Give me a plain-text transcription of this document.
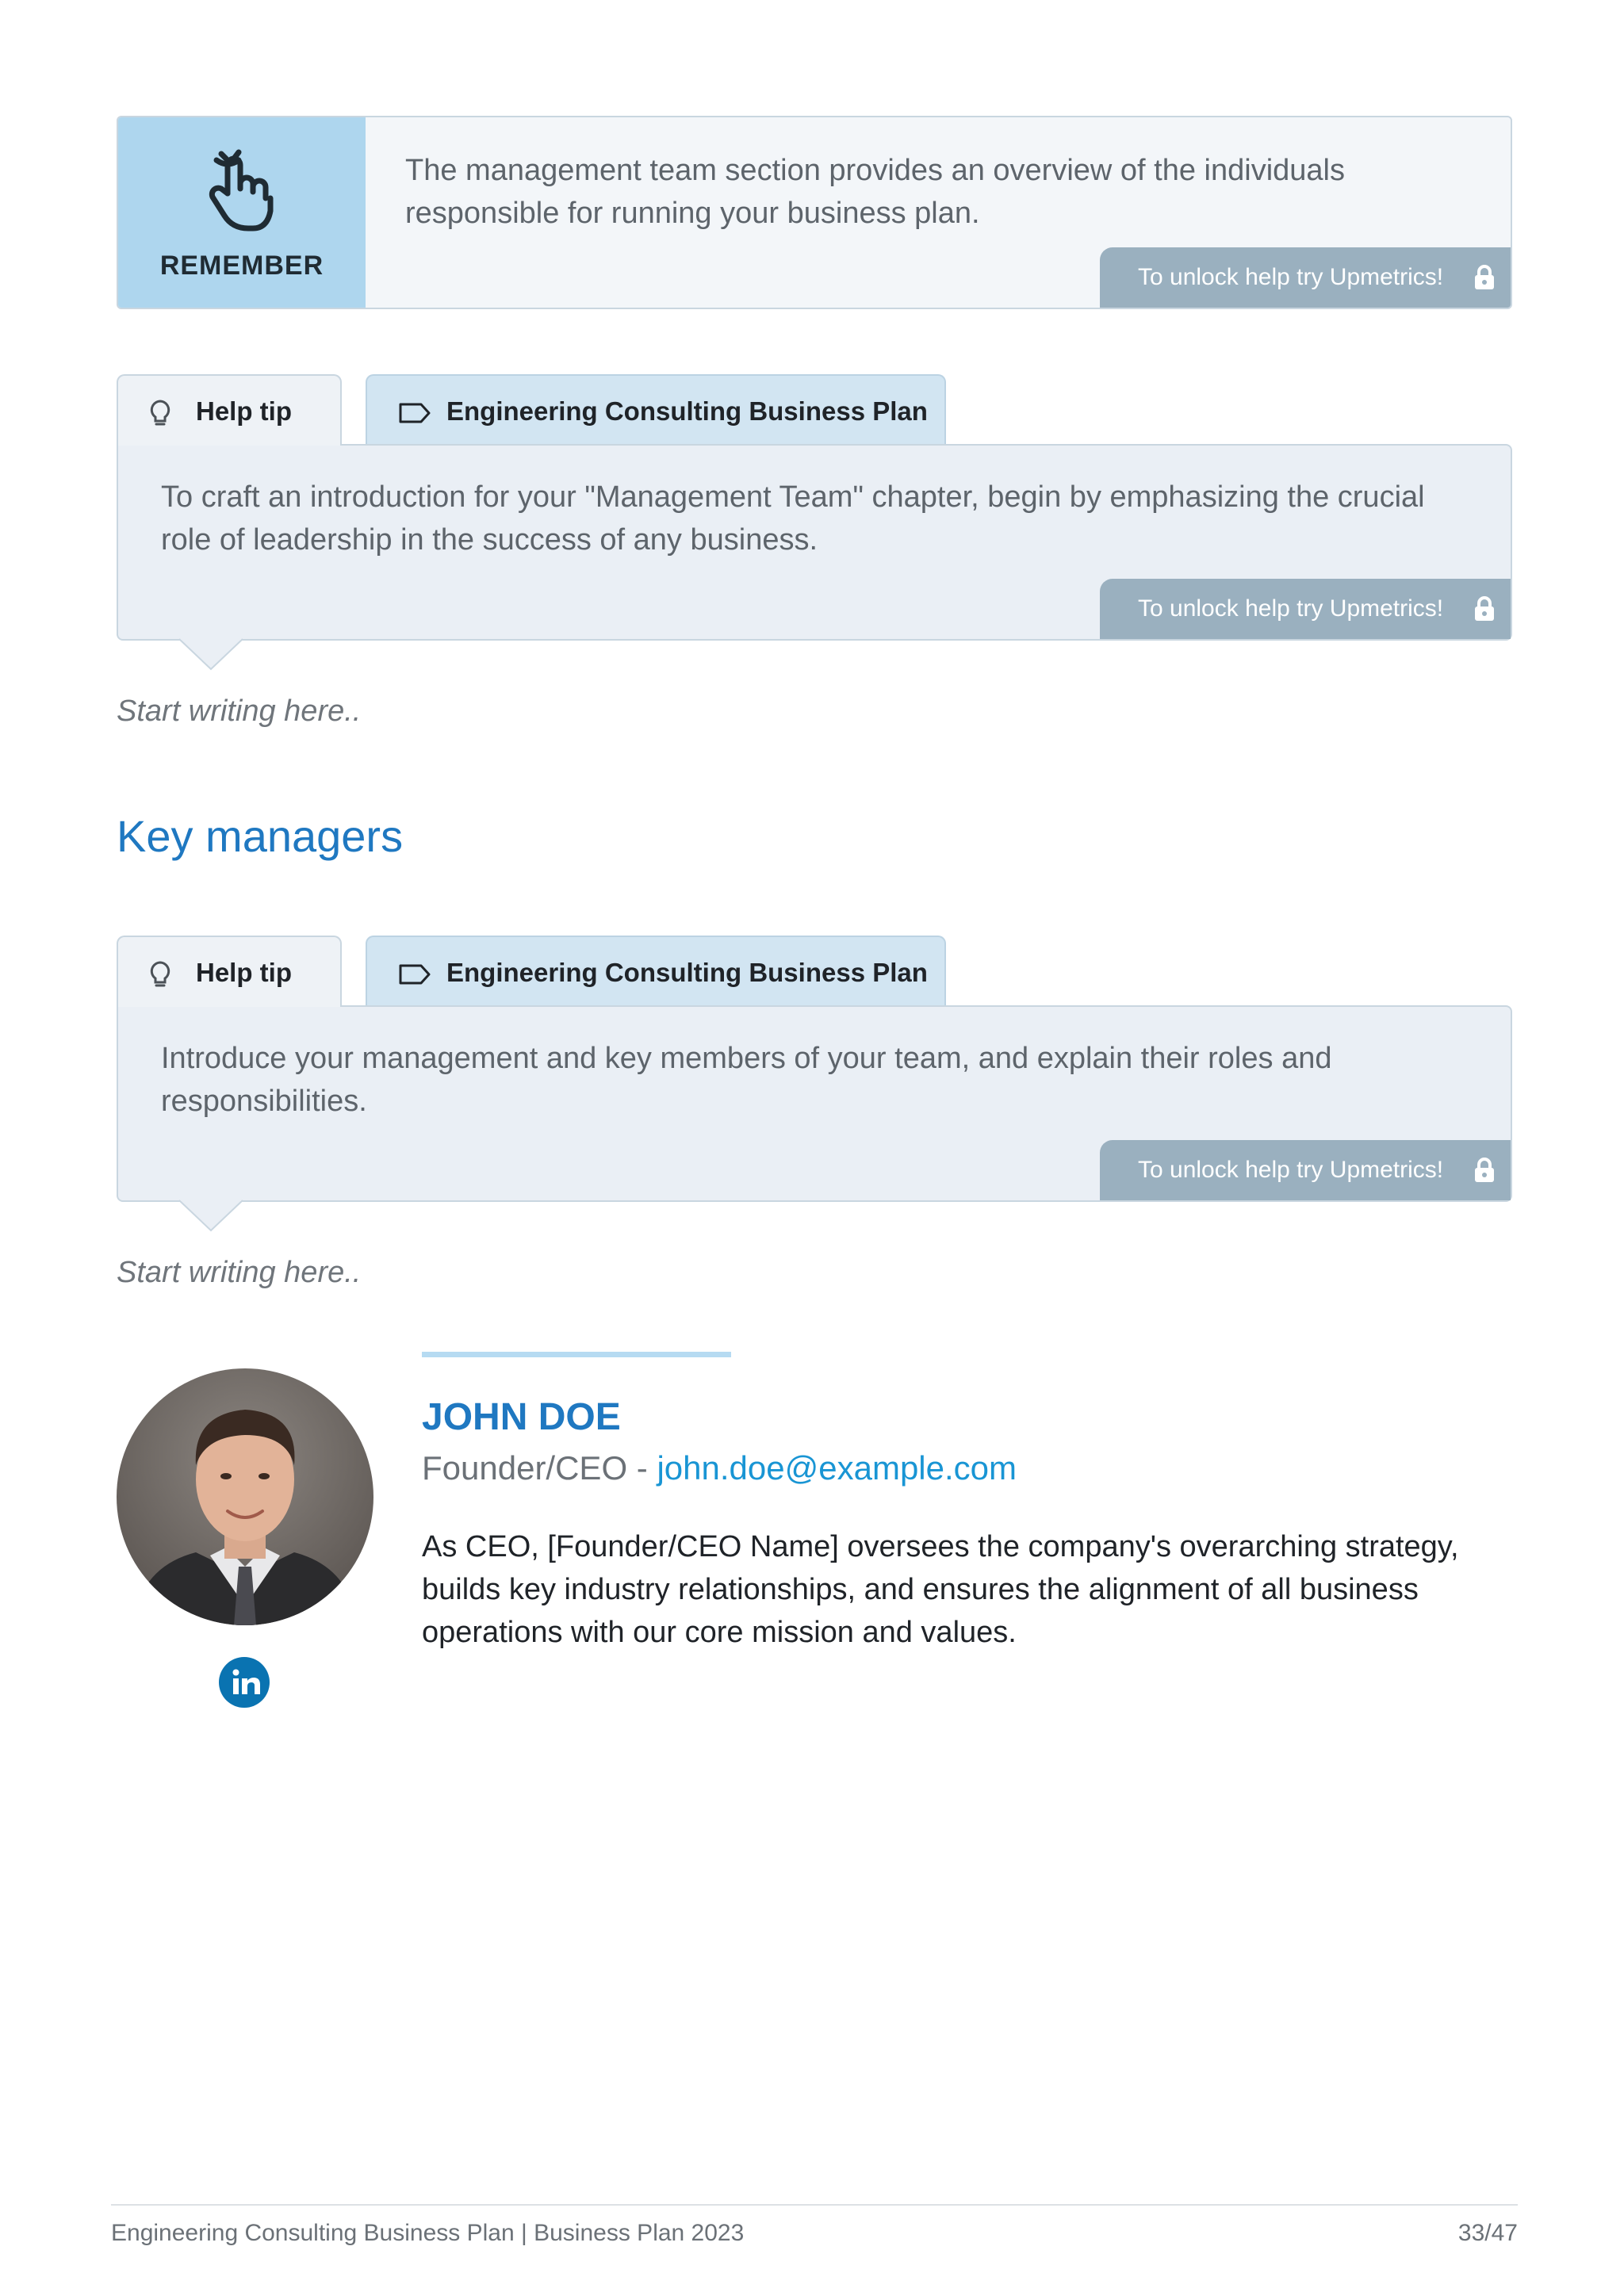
REMEMBER
The management team section provides an overview of the individuals responsible for running your business plan.
To unlock help try Upmetrics!
Help tip	Engineering Consulting Business Plan
To craft an introduction for your "Management Team" chapter, begin by emphasizing the crucial role of leadership in the success of any business.
To unlock help try Upmetrics!
Start writing here..
Key managers
Help tip	Engineering Consulting Business Plan
Introduce your management and key members of your team, and explain their roles and responsibilities.
To unlock help try Upmetrics!
Start writing here..
JOHN DOE
Founder/CEO - john.doe@example.com
As CEO, [Founder/CEO Name] oversees the company's overarching strategy, builds key industry relationships, and ensures the alignment of all business operations with our core mission and values.
Engineering Consulting Business Plan | Business Plan 2023	33/47
